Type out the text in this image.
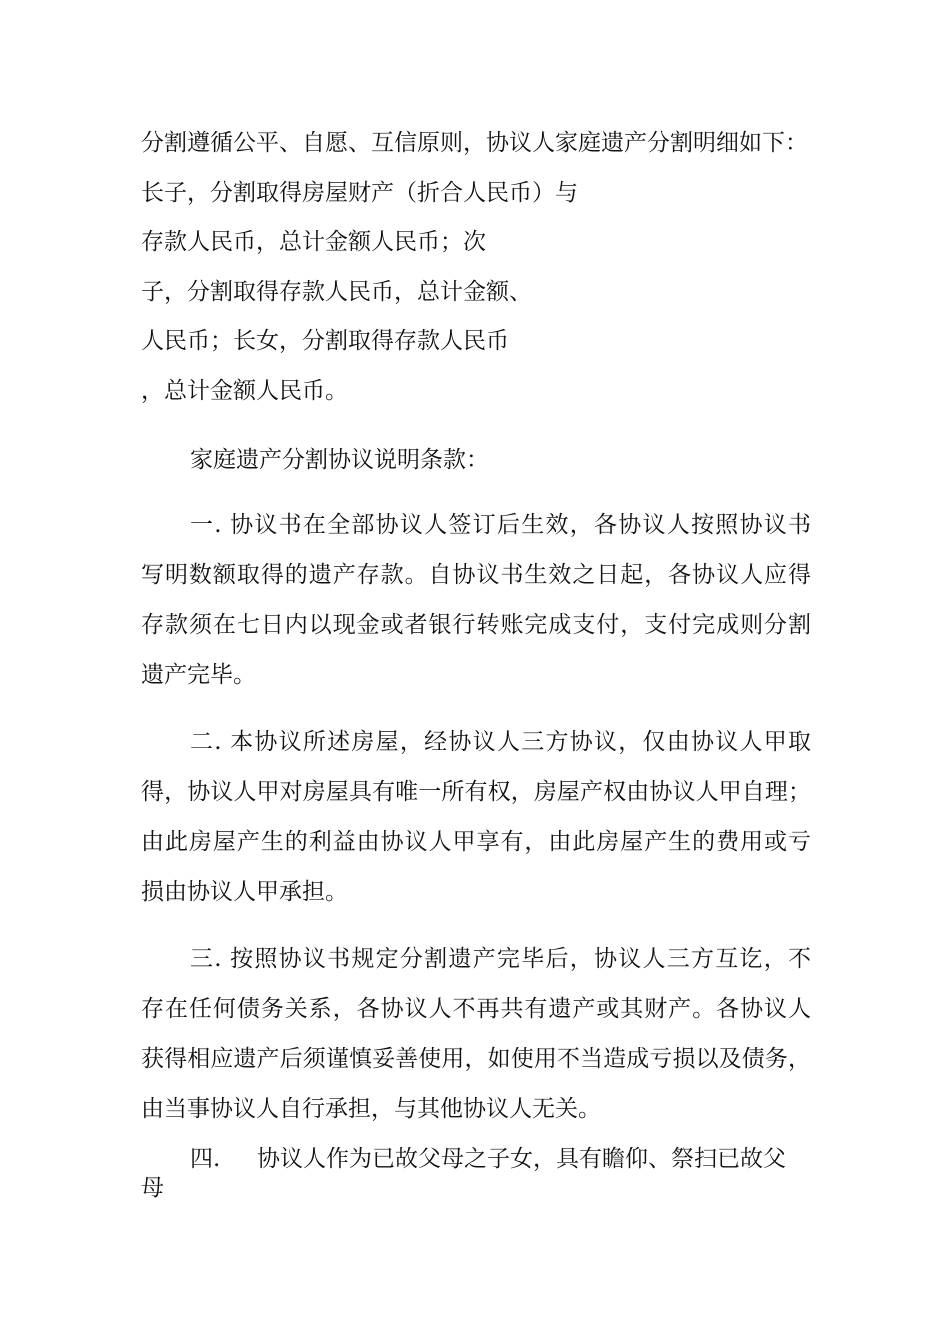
分割遵循公平、自愿、互信原则，协议人家庭遗产分割明细如下：
长子，分割取得房屋财产（折合人民币）与
存款人民币，总计金额人民币；次
子，分割取得存款人民币，总计金额、
人民币；长女，分割取得存款人民币
，总计金额人民币。
家庭遗产分割协议说明条款：
一. 协议书在全部协议人签订后生效，各协议人按照协议书
写明数额取得的遗产存款。自协议书生效之日起，各协议人应得
存款须在七日内以现金或者银行转账完成支付，支付完成则分割
遗产完毕。
二. 本协议所述房屋，经协议人三方协议，仅由协议人甲取
得，协议人甲对房屋具有唯一所有权，房屋产权由协议人甲自理；
由此房屋产生的利益由协议人甲享有，由此房屋产生的费用或亏
损由协议人甲承担。
三. 按照协议书规定分割遗产完毕后，协议人三方互讫，不
存在任何债务关系，各协议人不再共有遗产或其财产。各协议人
获得相应遗产后须谨慎妥善使用，如使用不当造成亏损以及债务，
由当事协议人自行承担，与其他协议人无关。
四. 协议人作为已故父母之子女，具有瞻仰、祭扫已故父
母
